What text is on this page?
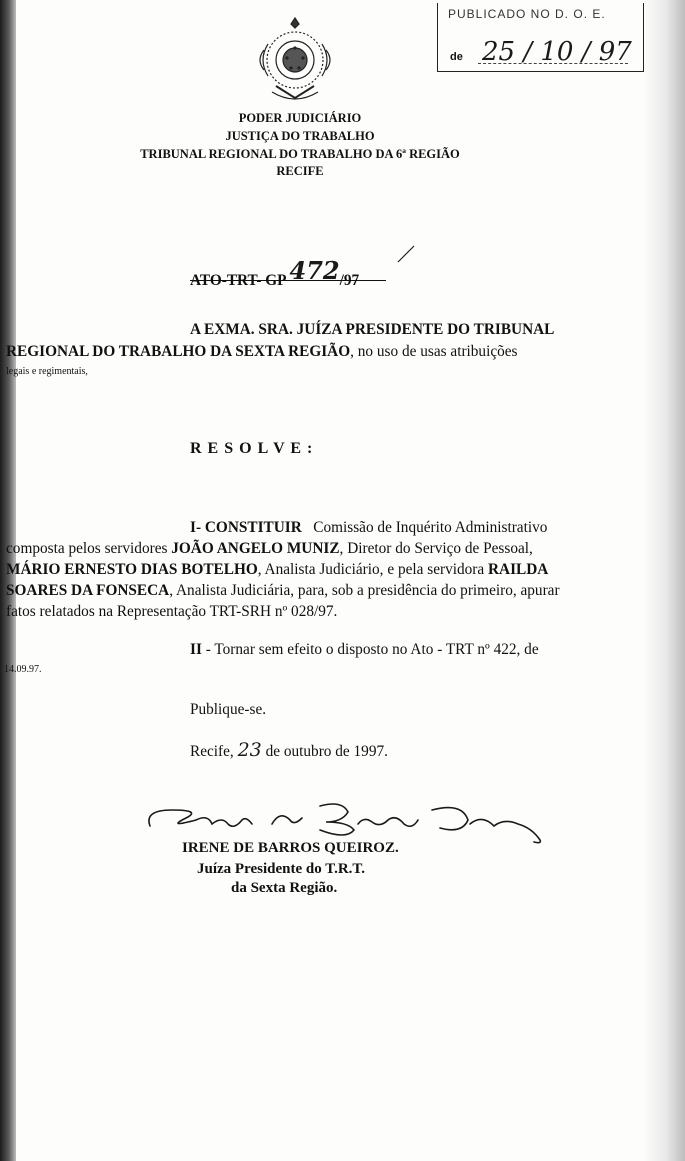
PUBLICADO NO D. O. E.
de 25 / 10 / 97
PODER JUDICIÁRIO
JUSTIÇA DO TRABALHO
TRIBUNAL REGIONAL DO TRABALHO DA 6ª REGIÃO
RECIFE
ATO-TRT- GP 472/97
A EXMA. SRA. JUÍZA PRESIDENTE DO TRIBUNAL
REGIONAL DO TRABALHO DA SEXTA REGIÃO, no uso de usas atribuições
legais e regimentais,
R E S O L V E :
I- CONSTITUIR Comissão de Inquérito Administrativo
composta pelos servidores JOÃO ANGELO MUNIZ, Diretor do Serviço de Pessoal,
MÁRIO ERNESTO DIAS BOTELHO, Analista Judiciário, e pela servidora RAILDA
SOARES DA FONSECA, Analista Judiciária, para, sob a presidência do primeiro, apurar
fatos relatados na Representação TRT-SRH nº 028/97.
II - Tornar sem efeito o disposto no Ato - TRT nº 422, de
14.09.97.
Publique-se.
Recife, 23 de outubro de 1997.
IRENE DE BARROS QUEIROZ.
Juíza Presidente do T.R.T.
da Sexta Região.
